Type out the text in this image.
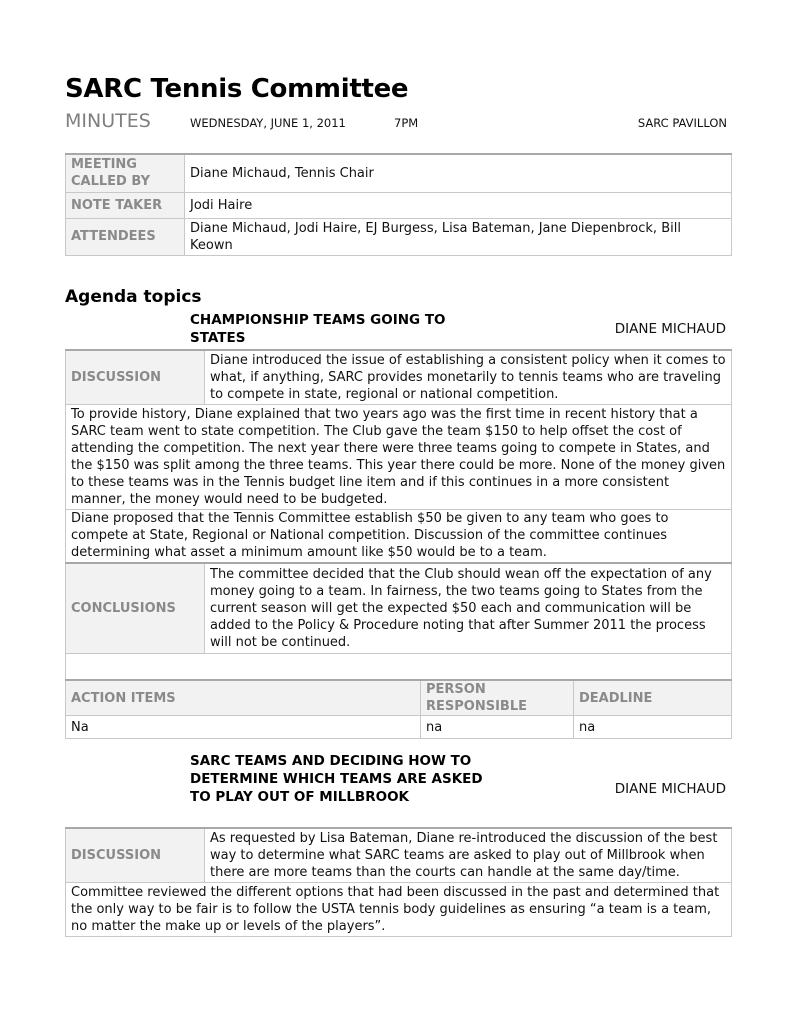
SARC Tennis Committee
MINUTES	WEDNESDAY, JUNE 1, 2011	7PM	SARC PAVILLON
MEETING CALLED BY	Diane Michaud, Tennis Chair
NOTE TAKER	Jodi Haire
ATTENDEES	Diane Michaud, Jodi Haire, EJ Burgess, Lisa Bateman, Jane Diepenbrock, Bill Keown
Agenda topics
CHAMPIONSHIP TEAMS GOING TO STATES
DIANE MICHAUD
DISCUSSION	Diane introduced the issue of establishing a consistent policy when it comes to what, if anything, SARC provides monetarily to tennis teams who are traveling to compete in state, regional or national competition.
To provide history, Diane explained that two years ago was the first time in recent history that a SARC team went to state competition. The Club gave the team $150 to help offset the cost of attending the competition. The next year there were three teams going to compete in States, and the $150 was split among the three teams. This year there could be more. None of the money given to these teams was in the Tennis budget line item and if this continues in a more consistent manner, the money would need to be budgeted.	
Diane proposed that the Tennis Committee establish $50 be given to any team who goes to compete at State, Regional or National competition. Discussion of the committee continues determining what asset a minimum amount like $50 would be to a team.	
CONCLUSIONS	The committee decided that the Club should wean off the expectation of any money going to a team. In fairness, the two teams going to States from the current season will get the expected $50 each and communication will be added to the Policy & Procedure noting that after Summer 2011 the process will not be continued.

ACTION ITEMS	PERSON RESPONSIBLE	DEADLINE
Na	na	na
SARC TEAMS AND DECIDING HOW TO DETERMINE WHICH TEAMS ARE ASKED TO PLAY OUT OF MILLBROOK	DIANE MICHAUD
DISCUSSION	As requested by Lisa Bateman, Diane re-introduced the discussion of the best way to determine what SARC teams are asked to play out of Millbrook when there are more teams than the courts can handle at the same day/time.
Committee reviewed the different options that had been discussed in the past and determined that the only way to be fair is to follow the USTA tennis body guidelines as ensuring “a team is a team, no matter the make up or levels of the players”.
